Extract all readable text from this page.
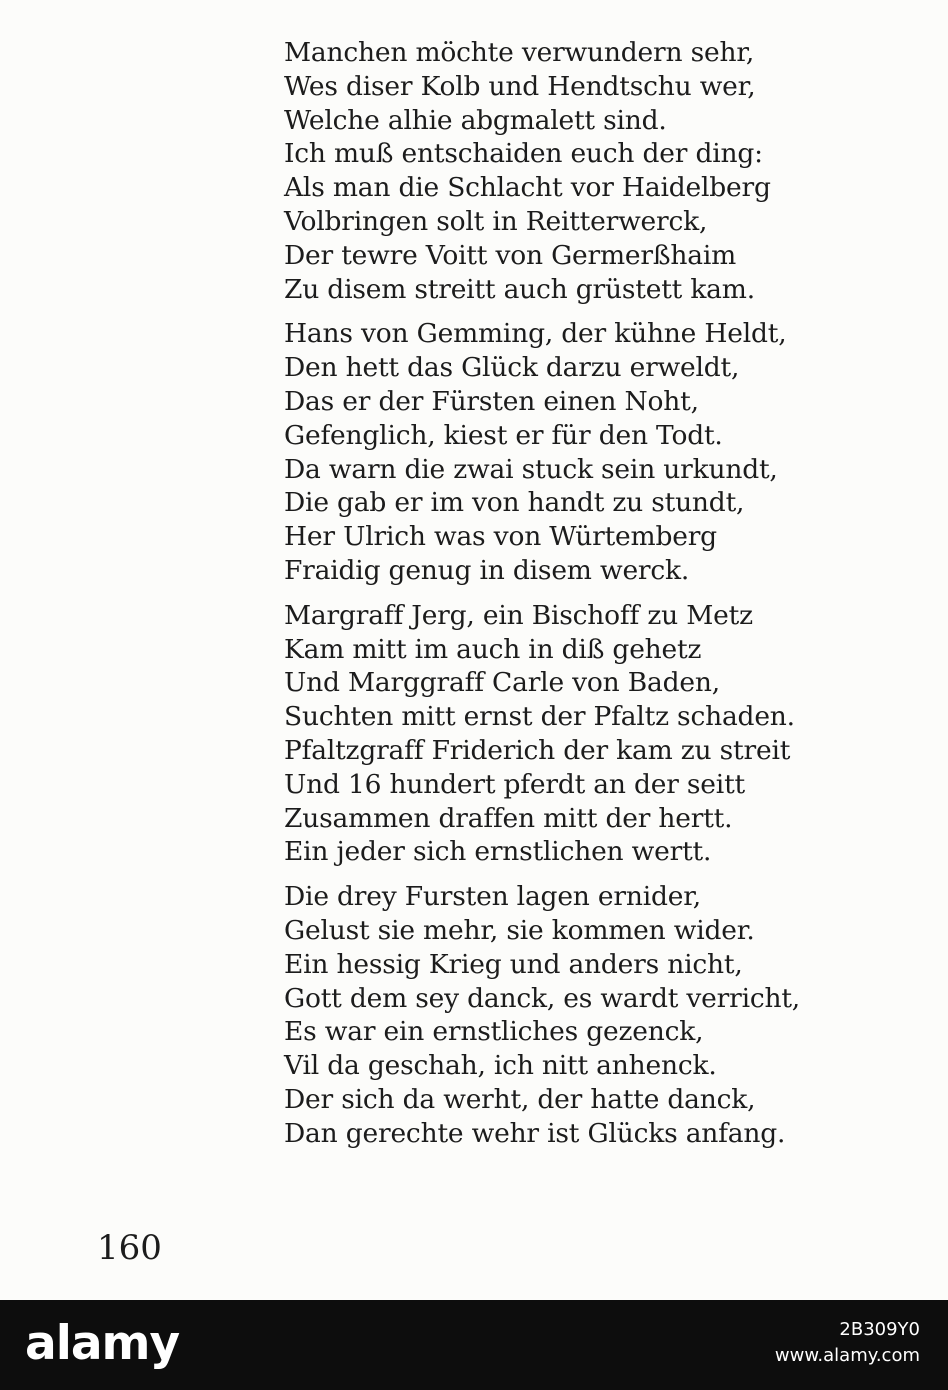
Manchen möchte verwundern sehr,
Wes diser Kolb und Hendtschu wer,
Welche alhie abgmalett sind.
Ich muß entschaiden euch der ding:
Als man die Schlacht vor Haidelberg
Volbringen solt in Reitterwerck,
Der tewre Voitt von Germerßhaim
Zu disem streitt auch grüstett kam.
Hans von Gemming, der kühne Heldt,
Den hett das Glück darzu erweldt,
Das er der Fürsten einen Noht,
Gefenglich, kiest er für den Todt.
Da warn die zwai stuck sein urkundt,
Die gab er im von handt zu stundt,
Her Ulrich was von Würtemberg
Fraidig genug in disem werck.
Margraff Jerg, ein Bischoff zu Metz
Kam mitt im auch in diß gehetz
Und Marggraff Carle von Baden,
Suchten mitt ernst der Pfaltz schaden.
Pfaltzgraff Friderich der kam zu streit
Und 16 hundert pferdt an der seitt
Zusammen draffen mitt der hertt.
Ein jeder sich ernstlichen wertt.
Die drey Fursten lagen ernider,
Gelust sie mehr, sie kommen wider.
Ein hessig Krieg und anders nicht,
Gott dem sey danck, es wardt verricht,
Es war ein ernstliches gezenck,
Vil da geschah, ich nitt anhenck.
Der sich da werht, der hatte danck,
Dan gerechte wehr ist Glücks anfang.
160
alamy	2B309Y0
www.alamy.com
